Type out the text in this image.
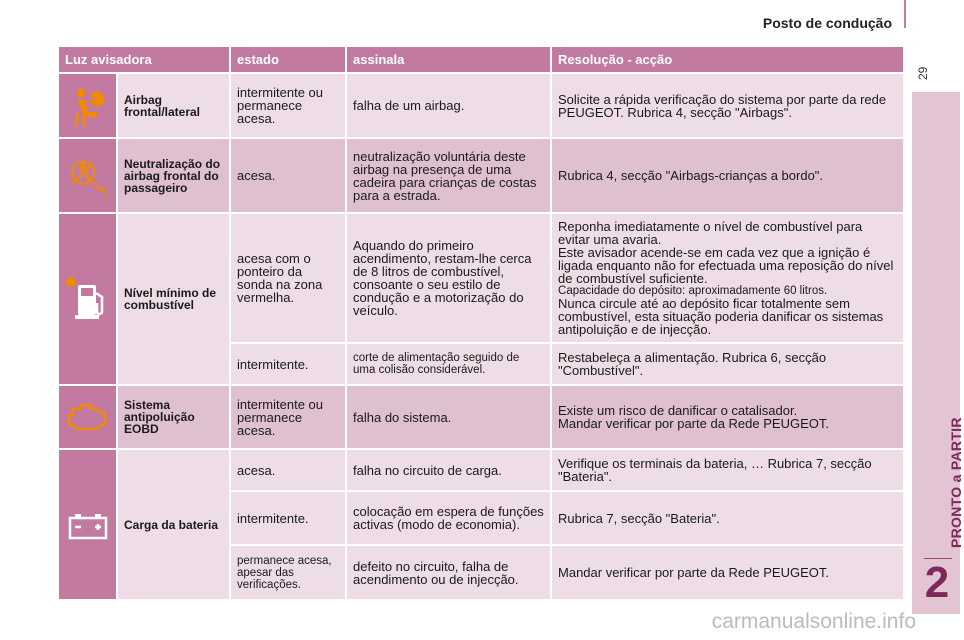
Posto de condução
29
PRONTO a PARTIR
2
Luz avisadora		estado	assinala	Resolução - acção

	Airbag frontal/lateral	intermitente ou permanece acesa.	falha de um airbag.	Solicite a rápida verificação do sistema por parte da rede PEUGEOT. Rubrica 4, secção "Airbags".

2	Neutralização do airbag frontal do passageiro	acesa.	neutralização voluntária deste airbag na presença de uma cadeira para crianças de costas para a estrada.	Rubrica 4, secção "Airbags-crianças a bordo".

	Nível mínimo de combustível	acesa com o ponteiro da sonda na zona vermelha.	Aquando do primeiro acendimento, restam-lhe cerca de 8 litros de combustível, consoante o seu estilo de condução e a motorização do veículo.	Reponha imediatamente o nível de combustível para evitar uma avaria.
Este avisador acende-se em cada vez que a ignição é ligada enquanto não for efectuada uma reposição do nível de combustível suficiente.
Capacidade do depósito: aproximadamente 60 litros.
Nunca circule até ao depósito ficar totalmente sem combustível, esta situação poderia danificar os sistemas antipoluição e de injecção.

		intermitente.	corte de alimentação seguido de uma colisão considerável.	Restabeleça a alimentação. Rubrica 6, secção "Combustível".

	Sistema antipoluição EOBD	intermitente ou permanece acesa.	falha do sistema.	Existe um risco de danificar o catalisador.
Mandar verificar por parte da Rede PEUGEOT.

	Carga da bateria	acesa.	falha no circuito de carga.	Verifique os terminais da bateria, … Rubrica 7, secção "Bateria".
		intermitente.	colocação em espera de funções activas (modo de economia).	Rubrica 7, secção "Bateria".
		permanece acesa, apesar das verificações.	defeito no circuito, falha de acendimento ou de injecção.	Mandar verificar por parte da Rede PEUGEOT.
carmanualsonline.info
